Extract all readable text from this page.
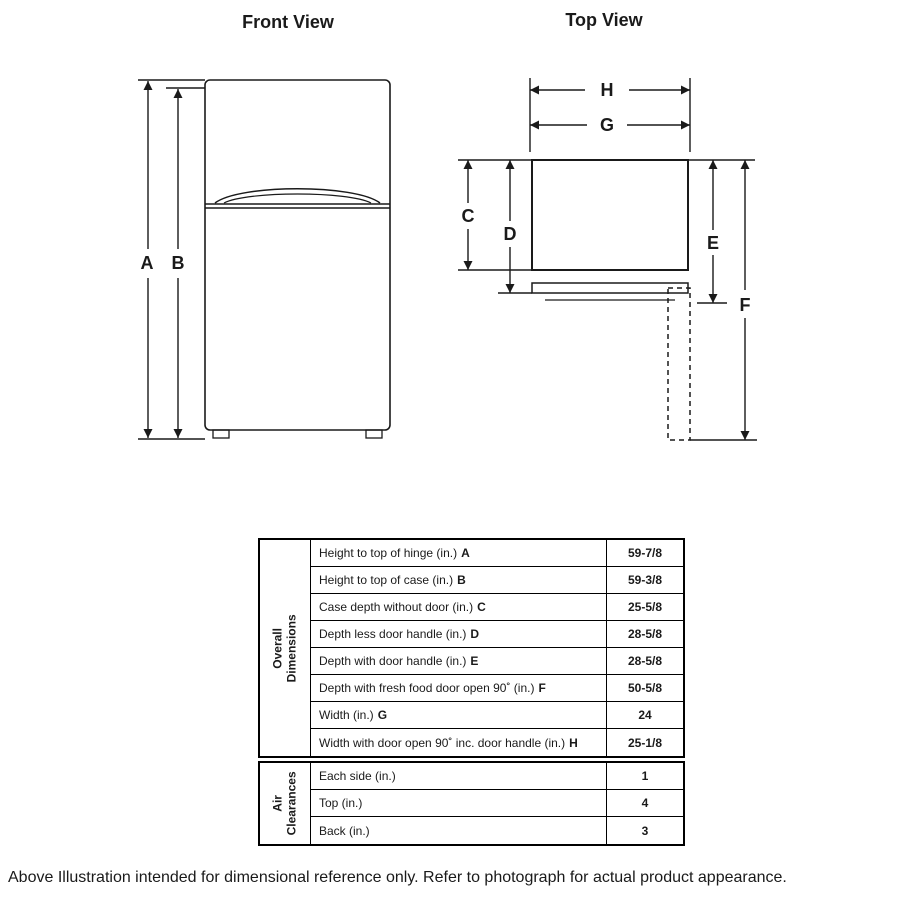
Front View
A B
Top View
H
G
C
D	E
F
Overall Dimensions
Height to top of hinge (in.) A	59-7/8
Height to top of case (in.) B	59-3/8
Case depth without door (in.) C	25-5/8
Depth less door handle (in.) D	28-5/8
Depth with door handle (in.) E	28-5/8
Depth with fresh food door open 90˚ (in.) F	50-5/8
Width (in.) G	24
Width with door open 90˚ inc. door handle (in.) H	25-1/8
Air Clearances Each side (in.)	1
Top (in.)	4
Back (in.)	3
Above Illustration intended for dimensional reference only. Refer to photograph for actual product appearance.
